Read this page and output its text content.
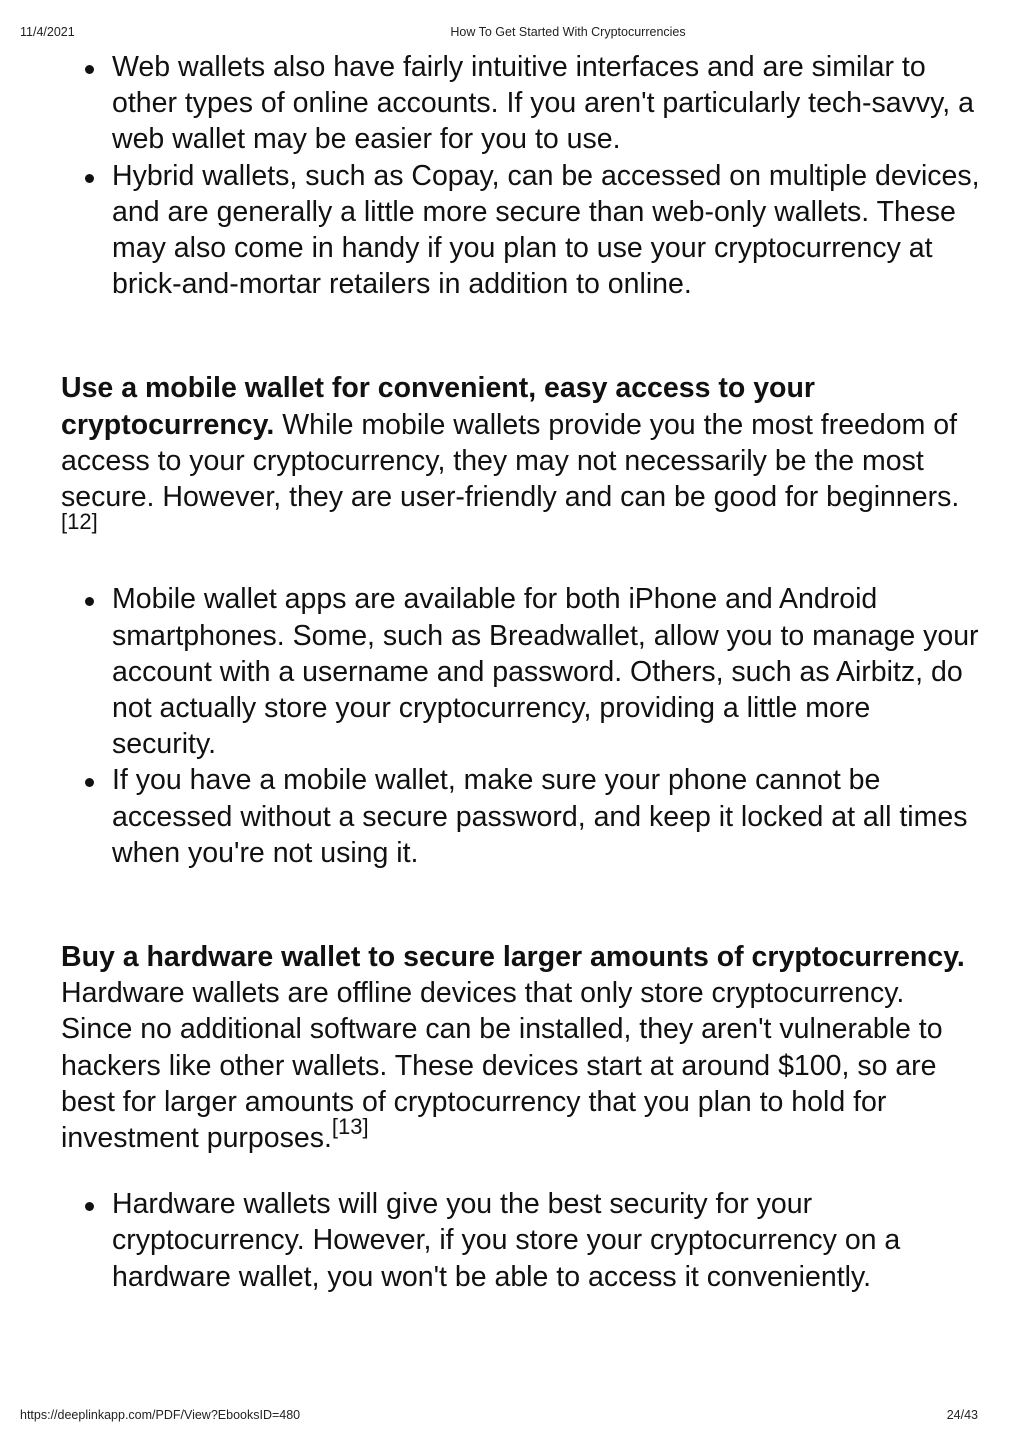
11/4/2021	How To Get Started With Cryptocurrencies
Web wallets also have fairly intuitive interfaces and are similar to other types of online accounts. If you aren't particularly tech-savvy, a web wallet may be easier for you to use.
Hybrid wallets, such as Copay, can be accessed on multiple devices, and are generally a little more secure than web-only wallets. These may also come in handy if you plan to use your cryptocurrency at brick-and-mortar retailers in addition to online.

Use a mobile wallet for convenient, easy access to your cryptocurrency. While mobile wallets provide you the most freedom of access to your cryptocurrency, they may not necessarily be the most secure. However, they are user-friendly and can be good for beginners.[12]

Mobile wallet apps are available for both iPhone and Android smartphones. Some, such as Breadwallet, allow you to manage your account with a username and password. Others, such as Airbitz, do not actually store your cryptocurrency, providing a little more security.
If you have a mobile wallet, make sure your phone cannot be accessed without a secure password, and keep it locked at all times when you're not using it.

Buy a hardware wallet to secure larger amounts of cryptocurrency. Hardware wallets are offline devices that only store cryptocurrency. Since no additional software can be installed, they aren't vulnerable to hackers like other wallets. These devices start at around $100, so are best for larger amounts of cryptocurrency that you plan to hold for investment purposes.[13]

Hardware wallets will give you the best security for your cryptocurrency. However, if you store your cryptocurrency on a hardware wallet, you won't be able to access it conveniently.
https://deeplinkapp.com/PDF/View?EbooksID=480	24/43
